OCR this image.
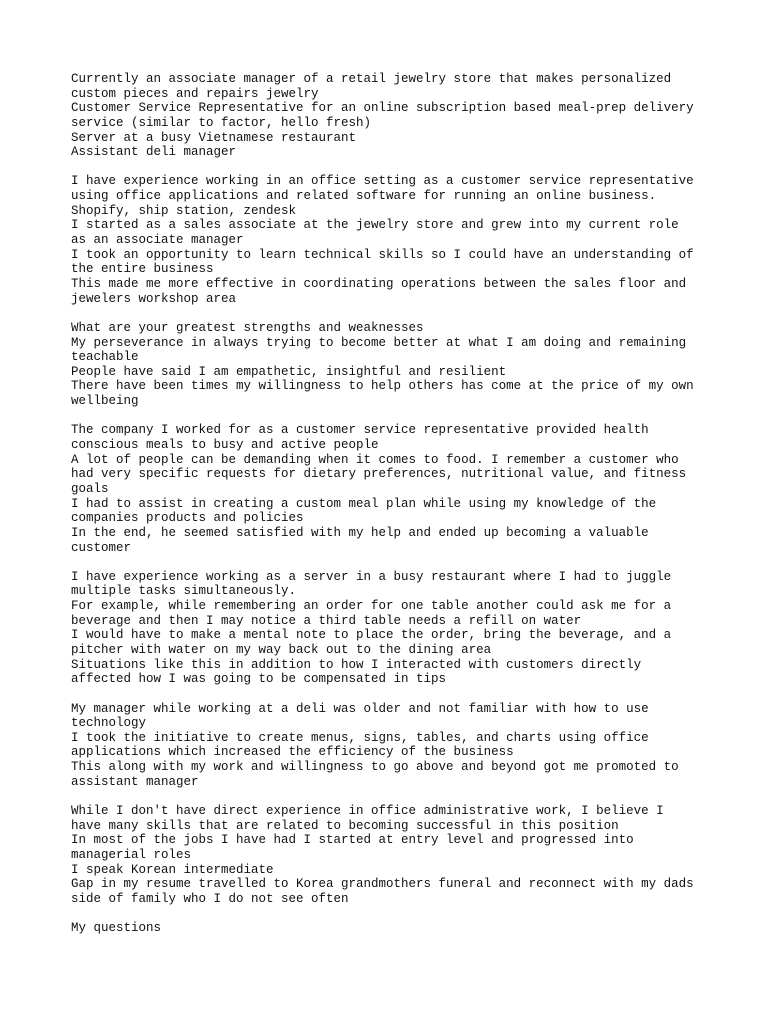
Currently an associate manager of a retail jewelry store that makes personalized
custom pieces and repairs jewelry
Customer Service Representative for an online subscription based meal-prep delivery
service (similar to factor, hello fresh)
Server at a busy Vietnamese restaurant
Assistant deli manager
I have experience working in an office setting as a customer service representative
using office applications and related software for running an online business.
Shopify, ship station, zendesk
I started as a sales associate at the jewelry store and grew into my current role
as an associate manager
I took an opportunity to learn technical skills so I could have an understanding of
the entire business
This made me more effective in coordinating operations between the sales floor and
jewelers workshop area
What are your greatest strengths and weaknesses
My perseverance in always trying to become better at what I am doing and remaining
teachable
People have said I am empathetic, insightful and resilient
There have been times my willingness to help others has come at the price of my own
wellbeing
The company I worked for as a customer service representative provided health
conscious meals to busy and active people
A lot of people can be demanding when it comes to food. I remember a customer who
had very specific requests for dietary preferences, nutritional value, and fitness
goals
I had to assist in creating a custom meal plan while using my knowledge of the
companies products and policies
In the end, he seemed satisfied with my help and ended up becoming a valuable
customer
I have experience working as a server in a busy restaurant where I had to juggle
multiple tasks simultaneously.
For example, while remembering an order for one table another could ask me for a
beverage and then I may notice a third table needs a refill on water
I would have to make a mental note to place the order, bring the beverage, and a
pitcher with water on my way back out to the dining area
Situations like this in addition to how I interacted with customers directly
affected how I was going to be compensated in tips
My manager while working at a deli was older and not familiar with how to use
technology
I took the initiative to create menus, signs, tables, and charts using office
applications which increased the efficiency of the business
This along with my work and willingness to go above and beyond got me promoted to
assistant manager
While I don't have direct experience in office administrative work, I believe I
have many skills that are related to becoming successful in this position
In most of the jobs I have had I started at entry level and progressed into
managerial roles
I speak Korean intermediate
Gap in my resume travelled to Korea grandmothers funeral and reconnect with my dads
side of family who I do not see often
My questions
